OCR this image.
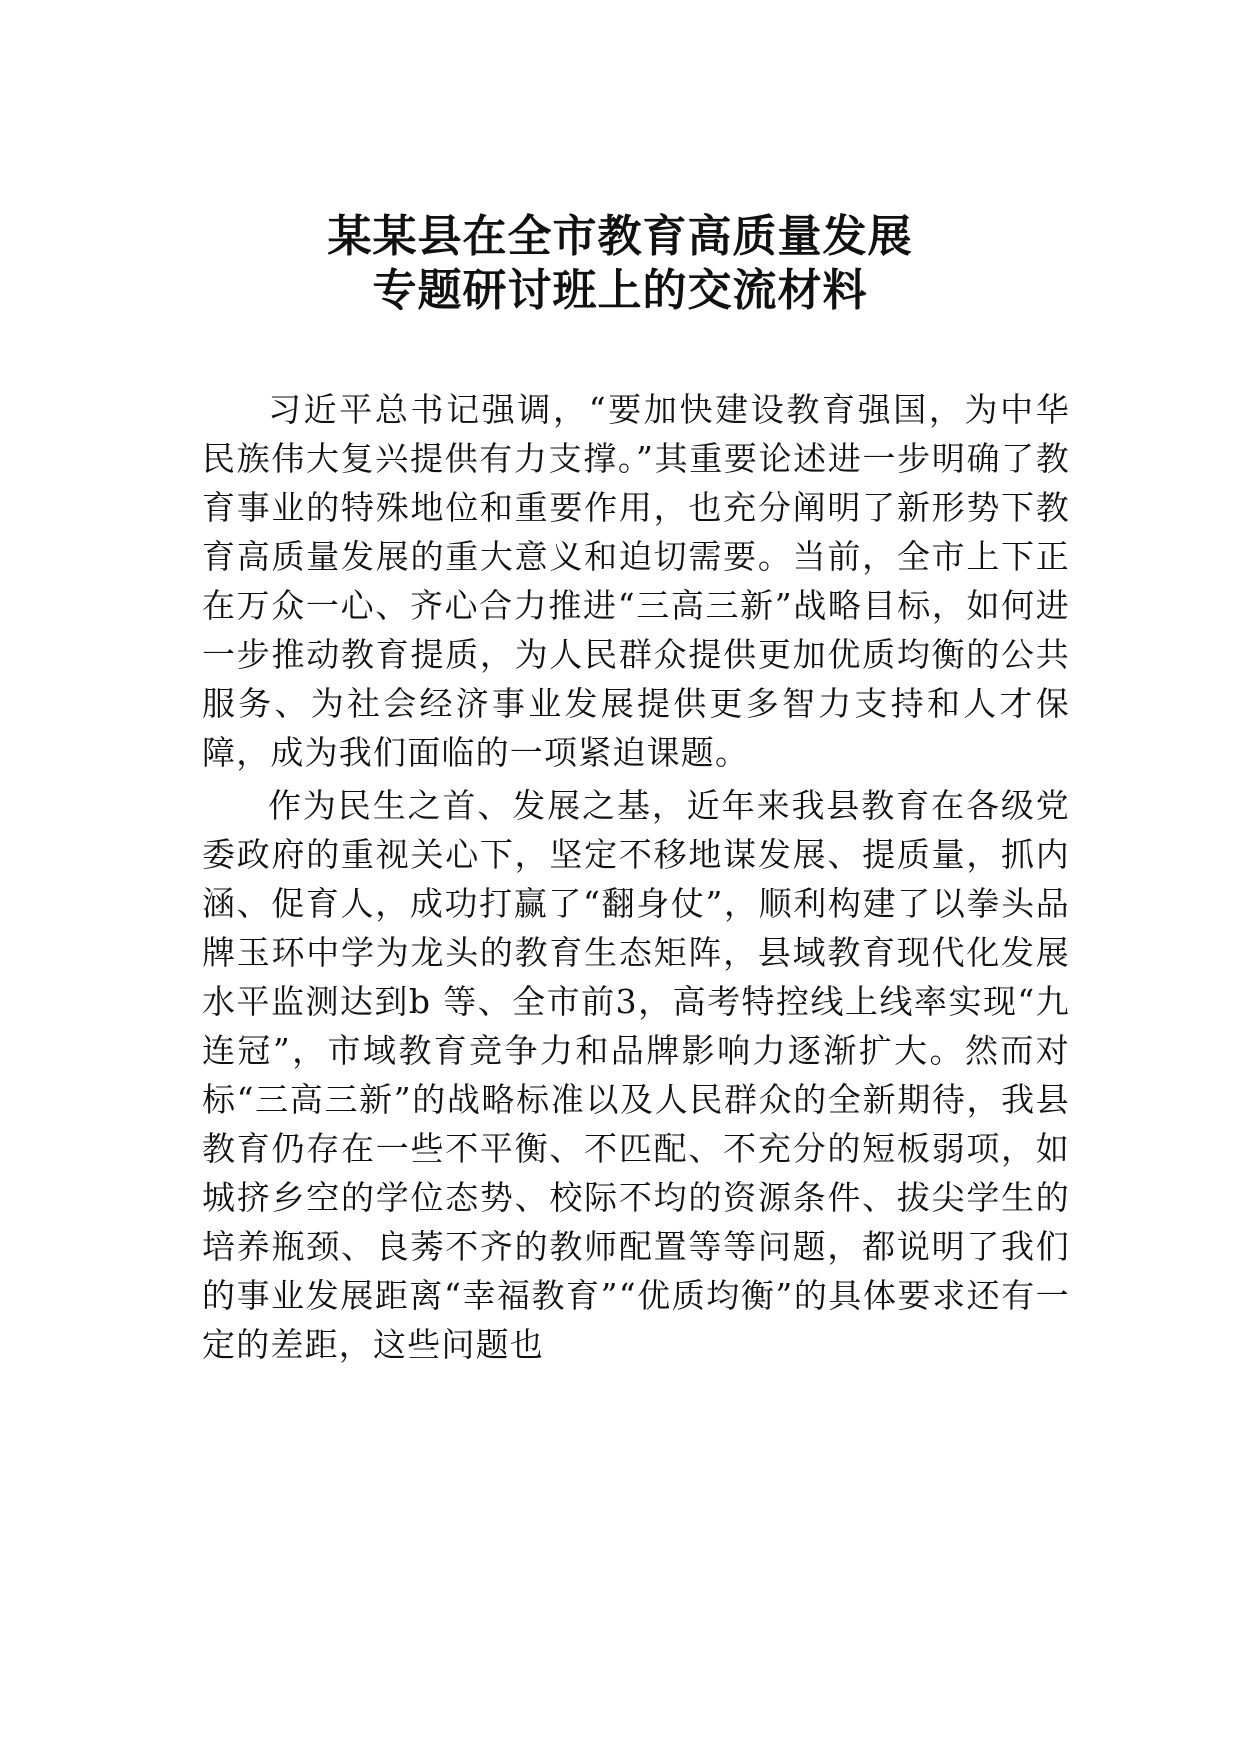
某某县在全市教育高质量发展
专题研讨班上的交流材料

习近平总书记强调，“要加快建设教育强国，为中华民族伟大复兴提供有力支撑。”其重要论述进一步明确了教育事业的特殊地位和重要作用，也充分阐明了新形势下教育高质量发展的重大意义和迫切需要。当前，全市上下正在万众一心、齐心合力推进“三高三新”战略目标，如何进一步推动教育提质，为人民群众提供更加优质均衡的公共服务、为社会经济事业发展提供更多智力支持和人才保障，成为我们面临的一项紧迫课题。

作为民生之首、发展之基，近年来我县教育在各级党委政府的重视关心下，坚定不移地谋发展、提质量，抓内涵、促育人，成功打赢了“翻身仗”，顺利构建了以拳头品牌玉环中学为龙头的教育生态矩阵，县域教育现代化发展水平监测达到b 等、全市前3，高考特控线上线率实现“九连冠”，市域教育竞争力和品牌影响力逐渐扩大。然而对标“三高三新”的战略标准以及人民群众的全新期待，我县教育仍存在一些不平衡、不匹配、不充分的短板弱项，如城挤乡空的学位态势、校际不均的资源条件、拔尖学生的培养瓶颈、良莠不齐的教师配置等等问题，都说明了我们的事业发展距离“幸福教育”“优质均衡”的具体要求还有一定的差距，这些问题也
